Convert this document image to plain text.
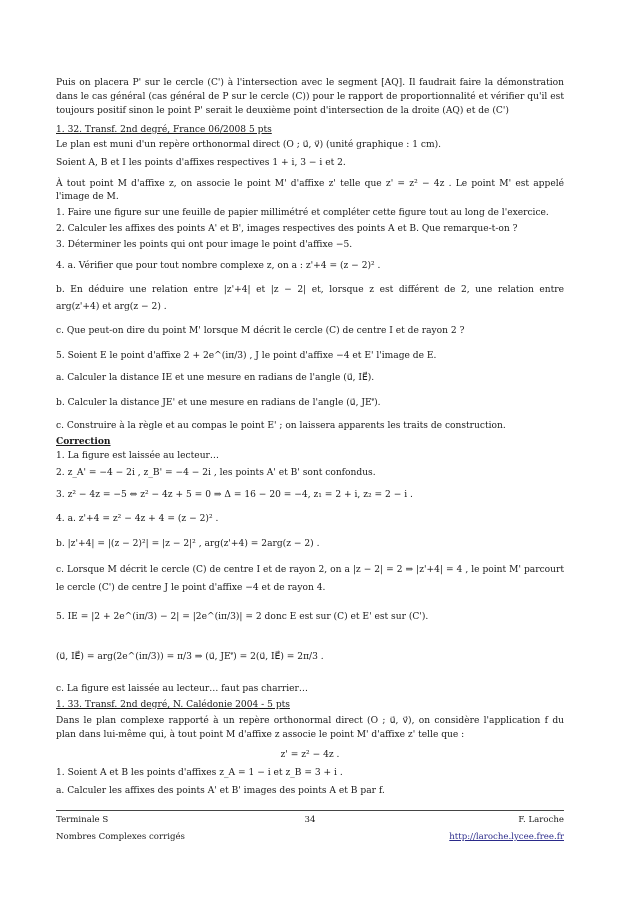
Puis on placera P' sur le cercle (C') à l'intersection avec le segment [AQ]. Il faudrait faire la démonstration
dans le cas général (cas général de P sur le cercle (C)) pour le rapport de proportionnalité et vérifier qu'il est
toujours positif sinon le point P' serait le deuxième point d'intersection de la droite (AQ) et de (C')
1. 32. Transf. 2nd degré, France 06/2008 5 pts
Le plan est muni d'un repère orthonormal direct (O ; u⃗, v⃗) (unité graphique : 1 cm).
Soient A, B et I les points d'affixes respectives 1 + i, 3 − i et 2.
À tout point M d'affixe z, on associe le point M' d'affixe z' telle que z' = z² − 4z . Le point M' est appelé
l'image de M.
1. Faire une figure sur une feuille de papier millimétré et compléter cette figure tout au long de l'exercice.
2. Calculer les affixes des points A' et B', images respectives des points A et B. Que remarque-t-on ?
3. Déterminer les points qui ont pour image le point d'affixe −5.
4. a. Vérifier que pour tout nombre complexe z, on a : z'+4 = (z − 2)² .
b. En déduire une relation entre |z'+4| et |z − 2| et, lorsque z est différent de 2, une relation entre
arg(z'+4) et arg(z − 2) .
c. Que peut-on dire du point M' lorsque M décrit le cercle (C) de centre I et de rayon 2 ?
5. Soient E le point d'affixe 2 + 2e^(iπ/3) , J le point d'affixe −4 et E' l'image de E.
a. Calculer la distance IE et une mesure en radians de l'angle (u⃗, IE⃗).
b. Calculer la distance JE' et une mesure en radians de l'angle (u⃗, JE'⃗).
c. Construire à la règle et au compas le point E' ; on laissera apparents les traits de construction.
Correction
1. La figure est laissée au lecteur…
2. z_A' = −4 − 2i , z_B' = −4 − 2i , les points A' et B' sont confondus.
3. z² − 4z = −5 ⇔ z² − 4z + 5 = 0 ⇒ Δ = 16 − 20 = −4, z₁ = 2 + i, z₂ = 2 − i .
4. a. z'+4 = z² − 4z + 4 = (z − 2)² .
b. |z'+4| = |(z − 2)²| = |z − 2|² , arg(z'+4) = 2arg(z − 2) .
c. Lorsque M décrit le cercle (C) de centre I et de rayon 2, on a |z − 2| = 2 ⇒ |z'+4| = 4 , le point M' parcourt
le cercle (C') de centre J le point d'affixe −4 et de rayon 4.
5. IE = |2 + 2e^(iπ/3) − 2| = |2e^(iπ/3)| = 2 donc E est sur (C) et E' est sur (C').
(u⃗, IE⃗) = arg(2e^(iπ/3)) = π/3 ⇒ (u⃗, JE'⃗) = 2(u⃗, IE⃗) = 2π/3 .
c. La figure est laissée au lecteur… faut pas charrier…
1. 33. Transf. 2nd degré, N. Calédonie 2004 - 5 pts
Dans le plan complexe rapporté à un repère orthonormal direct (O ; u⃗, v⃗), on considère l'application f du
plan dans lui-même qui, à tout point M d'affixe z associe le point M' d'affixe z' telle que :
z' = z² − 4z .
1. Soient A et B les points d'affixes z_A = 1 − i et z_B = 3 + i .
a. Calculer les affixes des points A' et B' images des points A et B par f.
Terminale S	34	F. Laroche
Nombres Complexes corrigés	http://laroche.lycee.free.fr
